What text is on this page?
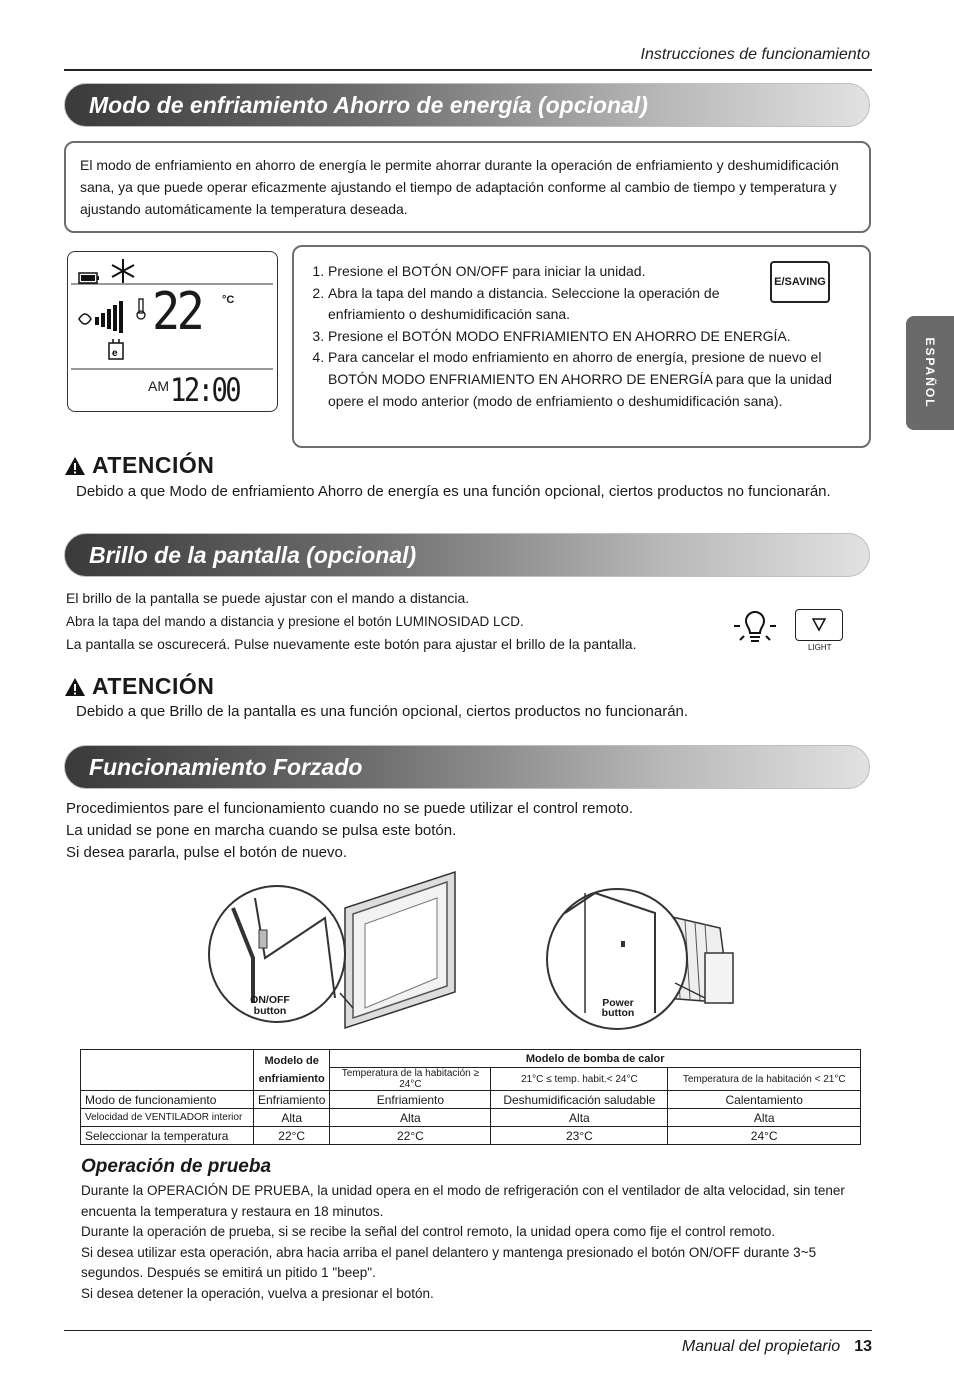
Instrucciones de funcionamiento
ESPAÑOL
Modo de enfriamiento Ahorro de energía (opcional)
El modo de enfriamiento en ahorro de energía le permite ahorrar durante la operación de enfriamiento y deshumidificación sana, ya que puede operar eficazmente ajustando el tiempo de adaptación conforme al cambio de tiempo y temperatura y ajustando automáticamente la temperatura deseada.
e
22 °C
AM 12:00
1. Presione el BOTÓN ON/OFF para iniciar la unidad.
2. Abra la tapa del mando a distancia. Seleccione la operación de enfriamiento o deshumidificación sana.
3. Presione el BOTÓN MODO ENFRIAMIENTO EN AHORRO DE ENERGÍA.
4. Para cancelar el modo enfriamiento en ahorro de energía, presione de nuevo el BOTÓN MODO ENFRIAMIENTO EN AHORRO DE ENERGÍA para que la unidad opere el modo anterior (modo de enfriamiento o deshumidificación sana).
E/SAVING
ATENCIÓN
Debido a que Modo de enfriamiento Ahorro de energía es una función opcional, ciertos productos no funcionarán.
Brillo de la pantalla (opcional)
El brillo de la pantalla se puede ajustar con el mando a distancia.
Abra la tapa del mando a distancia y presione el botón LUMINOSIDAD LCD.
La pantalla se oscurecerá. Pulse nuevamente este botón para ajustar el brillo de la pantalla.	LIGHT
ATENCIÓN
Debido a que Brillo de la pantalla es una función opcional, ciertos productos no funcionarán.
Funcionamiento Forzado
Procedimientos pare el funcionamiento cuando no se puede utilizar el control remoto.
La unidad se pone en marcha cuando se pulsa este botón.
Si desea pararla, pulse el botón de nuevo.
ON/OFF
button
Power
button

	Modelo de
enfriamiento	Modelo de bomba de calor		
		Temperatura de la habitación ≥ 24°C	21°C ≤ temp. habit.< 24°C	Temperatura de la habitación < 21°C
Modo de funcionamiento	Enfriamiento	Enfriamiento	Deshumidificación saludable	Calentamiento
Velocidad de VENTILADOR interior	Alta	Alta	Alta	Alta
Seleccionar la temperatura	22°C	22°C	23°C	24°C
Operación de prueba
Durante la OPERACIÓN DE PRUEBA, la unidad opera en el modo de refrigeración con el ventilador de alta velocidad, sin tener encuenta la temperatura y restaura en 18 minutos.
Durante la operación de prueba, si se recibe la señal del control remoto, la unidad opera como fije el control remoto.
Si desea utilizar esta operación, abra hacia arriba el panel delantero y mantenga presionado el botón ON/OFF durante 3~5 segundos. Después se emitirá un pitido 1 "beep".
Si desea detener la operación, vuelva a presionar el botón.
Manual del propietario 13
